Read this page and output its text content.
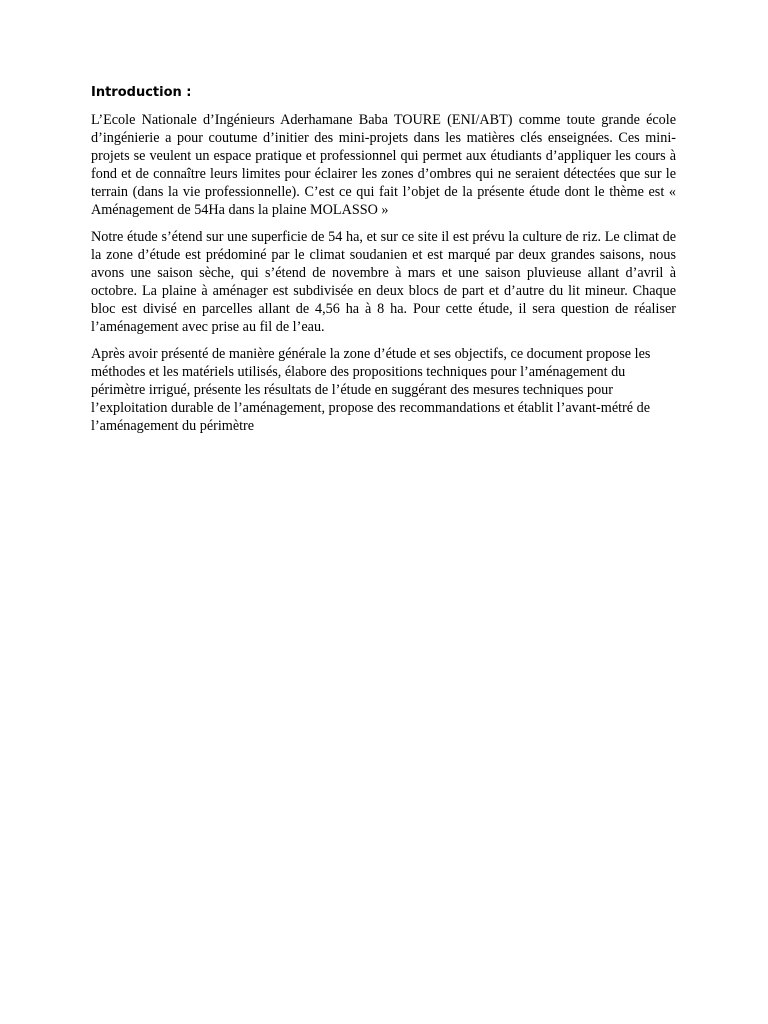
Introduction :

L’Ecole Nationale d’Ingénieurs Aderhamane Baba TOURE (ENI/ABT) comme toute grande école d’ingénierie a pour coutume d’initier des mini-projets dans les matières clés enseignées. Ces mini-projets se veulent un espace pratique et professionnel qui permet aux étudiants d’appliquer les cours à fond et de connaître leurs limites pour éclairer les zones d’ombres qui ne seraient détectées que sur le terrain (dans la vie professionnelle). C’est ce qui fait l’objet de la présente étude dont le thème est « Aménagement de 54Ha dans la plaine MOLASSO »

Notre étude s’étend sur une superficie de 54 ha, et sur ce site il est prévu la culture de riz. Le climat de la zone d’étude est prédominé par le climat soudanien et est marqué par deux grandes saisons, nous avons une saison sèche, qui s’étend de novembre à mars et une saison pluvieuse allant d’avril à octobre. La plaine à aménager est subdivisée en deux blocs de part et d’autre du lit mineur. Chaque bloc est divisé en parcelles allant de 4,56 ha à 8 ha. Pour cette étude, il sera question de réaliser l’aménagement avec prise au fil de l’eau.

Après avoir présenté de manière générale la zone d’étude et ses objectifs, ce document propose les méthodes et les matériels utilisés, élabore des propositions techniques pour l’aménagement du périmètre irrigué, présente les résultats de l’étude en suggérant des mesures techniques pour l’exploitation durable de l’aménagement, propose des recommandations et établit l’avant-métré de l’aménagement du périmètre
